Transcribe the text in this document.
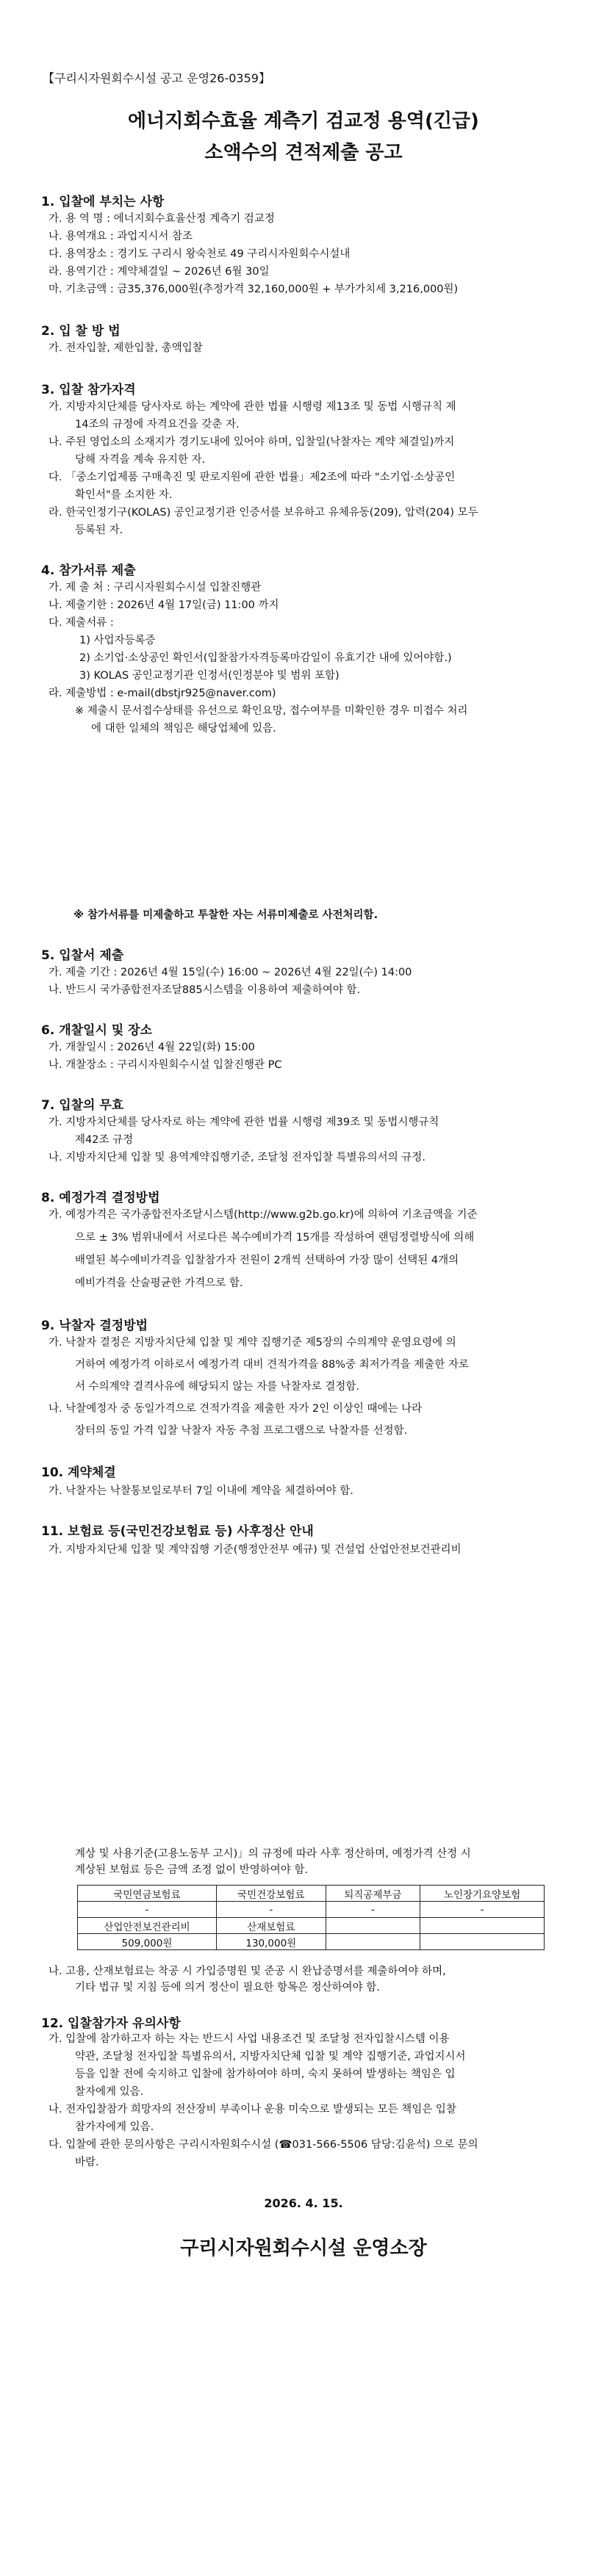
【구리시자원회수시설 공고 운영26-0359】
에너지회수효율 계측기 검교정 용역(긴급)
소액수의 견적제출 공고
1. 입찰에 부치는 사항
가. 용 역 명 : 에너지회수효율산정 계측기 검교정
나. 용역개요 : 과업지시서 참조
다. 용역장소 : 경기도 구리시 왕숙천로 49 구리시자원회수시설내
라. 용역기간 : 계약체결일 ~ 2026년 6월 30일
마. 기초금액 : 금35,376,000원(추정가격 32,160,000원 + 부가가치세 3,216,000원)
2. 입 찰 방 법
가. 전자입찰, 제한입찰, 총액입찰
3. 입찰 참가자격
가. 지방자치단체를 당사자로 하는 계약에 관한 법률 시행령 제13조 및 동법 시행규칙 제
14조의 규정에 자격요건을 갖춘 자.
나. 주된 영업소의 소재지가 경기도내에 있어야 하며, 입찰일(낙찰자는 계약 체결일)까지
당해 자격을 계속 유지한 자.
다. 「중소기업제품 구매촉진 및 판로지원에 관한 법률」제2조에 따라 "소기업·소상공인
확인서"를 소지한 자.
라. 한국인정기구(KOLAS) 공인교정기관 인증서를 보유하고 유체유동(209), 압력(204) 모두
등록된 자.
4. 참가서류 제출
가. 제 출 처 : 구리시자원회수시설 입찰진행관
나. 제출기한 : 2026년 4월 17일(금) 11:00 까지
다. 제출서류 :
1) 사업자등록증
2) 소기업·소상공인 확인서(입찰참가자격등록마감일이 유효기간 내에 있어야함.)
3) KOLAS 공인교정기관 인정서(인정분야 및 범위 포함)
라. 제출방법 : e-mail(dbstjr925@naver.com)
※ 제출시 문서접수상태를 유선으로 확인요망, 접수여부를 미확인한 경우 미접수 처리
에 대한 일체의 책임은 해당업체에 있음.
※ 참가서류를 미제출하고 투찰한 자는 서류미제출로 사전처리함.
5. 입찰서 제출
가. 제출 기간 : 2026년 4월 15일(수) 16:00 ~ 2026년 4월 22일(수) 14:00
나. 반드시 국가종합전자조달885시스템을 이용하여 제출하여야 함.
6. 개찰일시 및 장소
가. 개찰일시 : 2026년 4월 22일(화) 15:00
나. 개찰장소 : 구리시자원회수시설 입찰진행관 PC
7. 입찰의 무효
가. 지방자치단체를 당사자로 하는 계약에 관한 법률 시행령 제39조 및 동법시행규칙
제42조 규정
나. 지방자치단체 입찰 및 용역계약집행기준, 조달청 전자입찰 특별유의서의 규정.
8. 예정가격 결정방법
가. 예정가격은 국가종합전자조달시스템(http://www.g2b.go.kr)에 의하여 기초금액을 기준
으로 ± 3% 범위내에서 서로다른 복수예비가격 15개를 작성하여 랜덤정렬방식에 의해
배열된 복수예비가격을 입찰참가자 전원이 2개씩 선택하여 가장 많이 선택된 4개의
예비가격을 산술평균한 가격으로 함.
9. 낙찰자 결정방법
가. 낙찰자 결정은 지방자치단체 입찰 및 계약 집행기준 제5장의 수의계약 운영요령에 의
거하여 예정가격 이하로서 예정가격 대비 견적가격을 88%중 최저가격을 제출한 자로
서 수의계약 결격사유에 해당되지 않는 자를 낙찰자로 결정함.
나. 낙찰예정자 중 동일가격으로 견적가격을 제출한 자가 2인 이상인 때에는 나라
장터의 동일 가격 입찰 낙찰자 자동 추첨 프로그램으로 낙찰자를 선정함.
10. 계약체결
가. 낙찰자는 낙찰통보일로부터 7일 이내에 계약을 체결하여야 함.
11. 보험료 등(국민건강보험료 등) 사후정산 안내
가. 지방자치단체 입찰 및 계약집행 기준(행정안전부 예규) 및 건설업 산업안전보건관리비
계상 및 사용기준(고용노동부 고시)」의 규정에 따라 사후 정산하며, 예정가격 산정 시
계상된 보험료 등은 금액 조정 없이 반영하여야 함.
국민연금보험료	국민건강보험료	퇴직공제부금	노인장기요양보험
-	-	-	-
산업안전보건관리비	산재보험료		
509,000원	130,000원		
나. 고용, 산재보험료는 착공 시 가입증명원 및 준공 시 완납증명서를 제출하여야 하며,
기타 법규 및 지침 등에 의거 정산이 필요한 항목은 정산하여야 함.
12. 입찰참가자 유의사항
가. 입찰에 참가하고자 하는 자는 반드시 사업 내용조건 및 조달청 전자입찰시스템 이용
약관, 조달청 전자입찰 특별유의서, 지방자치단체 입찰 및 계약 집행기준, 과업지시서
등을 입찰 전에 숙지하고 입찰에 참가하여야 하며, 숙지 못하여 발생하는 책임은 입
찰자에게 있음.
나. 전자입찰참가 희망자의 전산장비 부족이나 운용 미숙으로 발생되는 모든 책임은 입찰
참가자에게 있음.
다. 입찰에 관한 문의사항은 구리시자원회수시설 (☎031-566-5506 담당:김윤석) 으로 문의
바람.
2026. 4. 15.
구리시자원회수시설 운영소장
